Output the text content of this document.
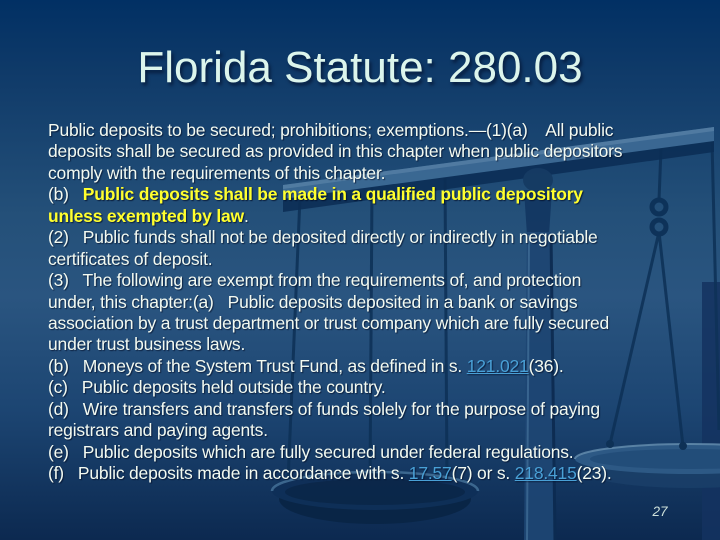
Florida Statute: 280.03
Public deposits to be secured; prohibitions; exemptions.—(1)(a)    All public
deposits shall be secured as provided in this chapter when public depositors
comply with the requirements of this chapter.
(b)   Public deposits shall be made in a qualified public depository
unless exempted by law.
(2)   Public funds shall not be deposited directly or indirectly in negotiable
certificates of deposit.
(3)   The following are exempt from the requirements of, and protection
under, this chapter:(a)   Public deposits deposited in a bank or savings
association by a trust department or trust company which are fully secured
under trust business laws.
(b)   Moneys of the System Trust Fund, as defined in s. 121.021(36).
(c)   Public deposits held outside the country.
(d)   Wire transfers and transfers of funds solely for the purpose of paying
registrars and paying agents.
(e)   Public deposits which are fully secured under federal regulations.
(f)   Public deposits made in accordance with s. 17.57(7) or s. 218.415(23).
27
